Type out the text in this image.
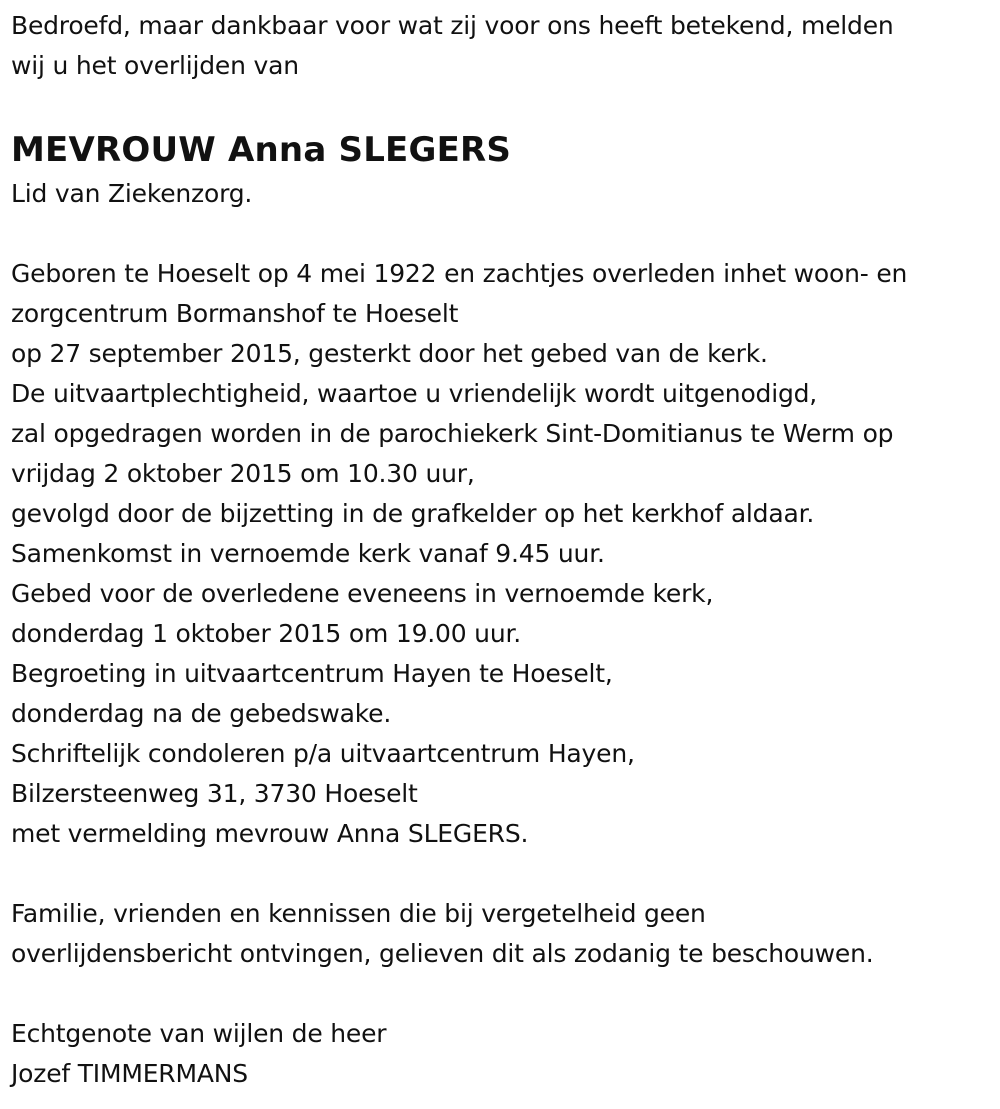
Bedroefd, maar dankbaar voor wat zij voor ons heeft betekend, melden
wij u het overlijden van
MEVROUW Anna SLEGERS
Lid van Ziekenzorg.
Geboren te Hoeselt op 4 mei 1922 en zachtjes overleden inhet woon- en
zorgcentrum Bormanshof te Hoeselt
op 27 september 2015, gesterkt door het gebed van de kerk.
De uitvaartplechtigheid, waartoe u vriendelijk wordt uitgenodigd,
zal opgedragen worden in de parochiekerk Sint-Domitianus te Werm op
vrijdag 2 oktober 2015 om 10.30 uur,
gevolgd door de bijzetting in de grafkelder op het kerkhof aldaar.
Samenkomst in vernoemde kerk vanaf 9.45 uur.
Gebed voor de overledene eveneens in vernoemde kerk,
donderdag 1 oktober 2015 om 19.00 uur.
Begroeting in uitvaartcentrum Hayen te Hoeselt,
donderdag na de gebedswake.
Schriftelijk condoleren p/a uitvaartcentrum Hayen,
Bilzersteenweg 31, 3730 Hoeselt
met vermelding mevrouw Anna SLEGERS.
Familie, vrienden en kennissen die bij vergetelheid geen
overlijdensbericht ontvingen, gelieven dit als zodanig te beschouwen.
Echtgenote van wijlen de heer
Jozef TIMMERMANS
